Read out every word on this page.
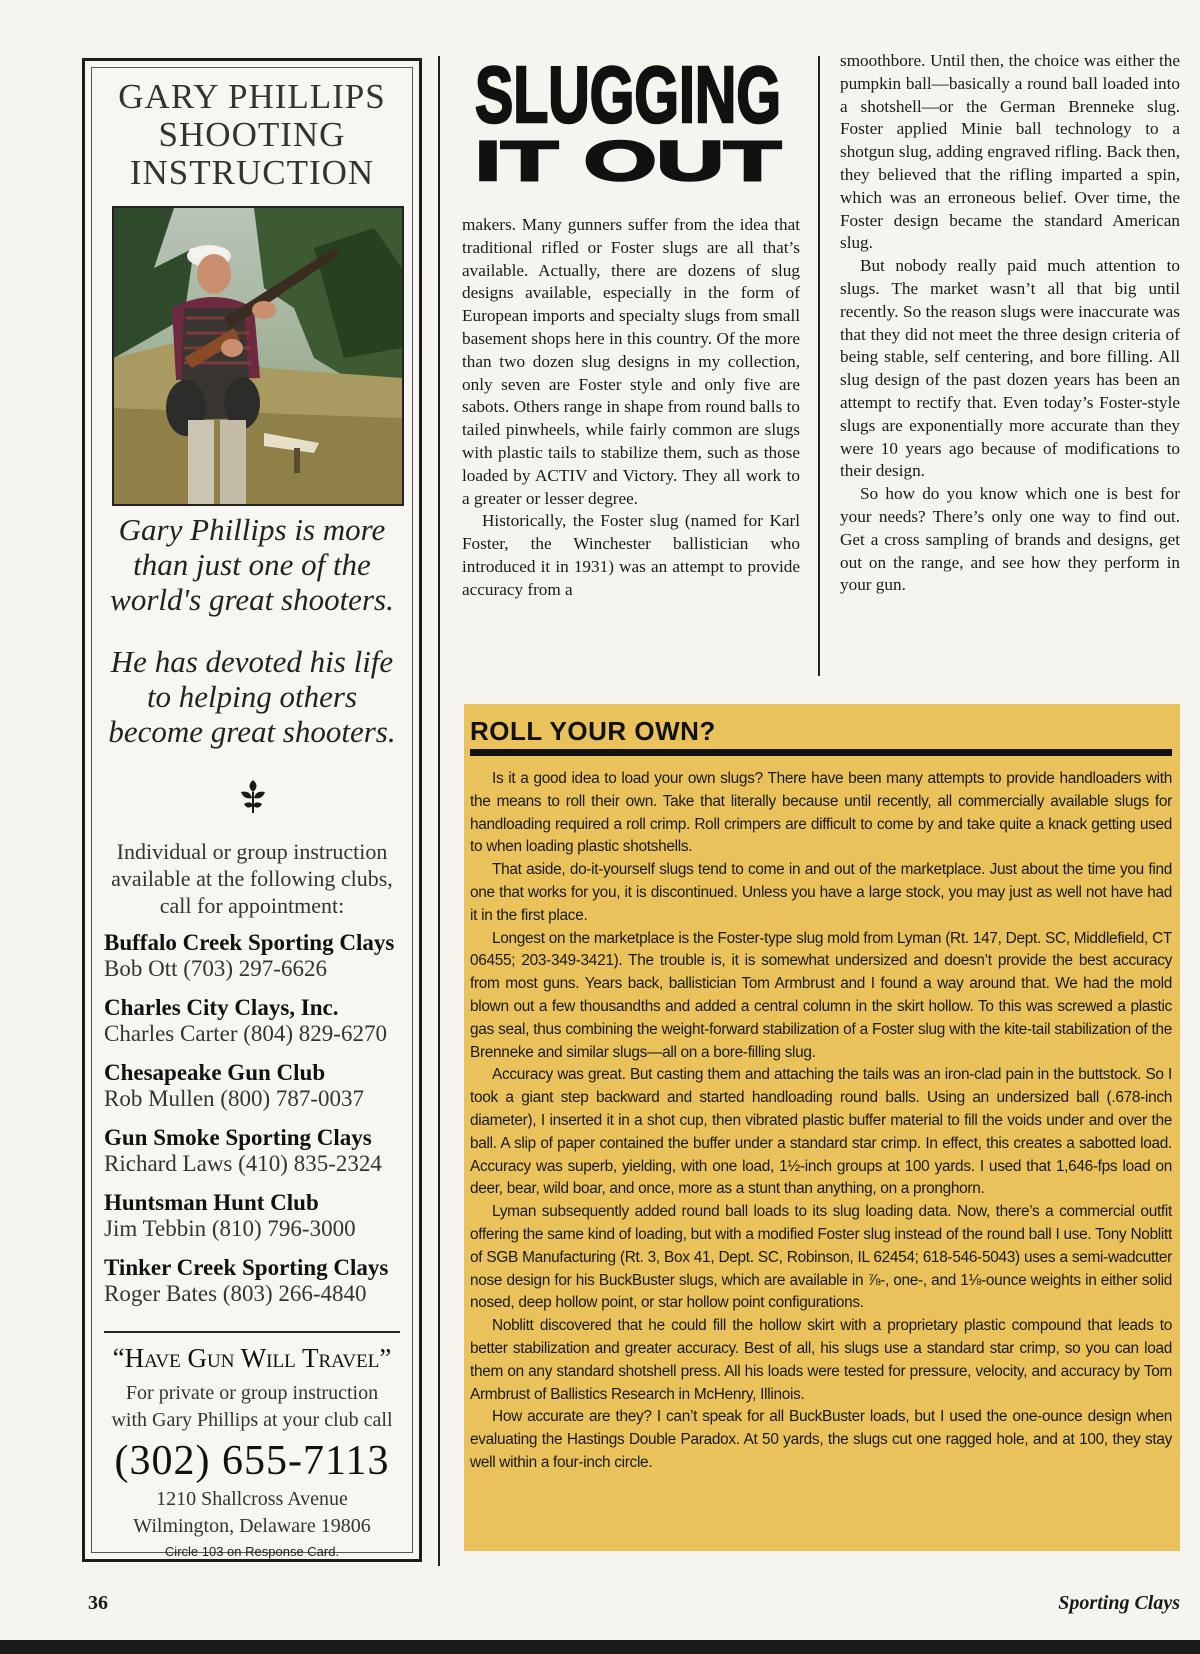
GARY PHILLIPS
SHOOTING
INSTRUCTION
Gary Phillips is more
than just one of the
world's great shooters.
He has devoted his life
to helping others
become great shooters.
Individual or group instruction
available at the following clubs,
call for appointment:
Buffalo Creek Sporting Clays
Bob Ott (703) 297-6626
Charles City Clays, Inc.
Charles Carter (804) 829-6270
Chesapeake Gun Club
Rob Mullen (800) 787-0037
Gun Smoke Sporting Clays
Richard Laws (410) 835-2324
Huntsman Hunt Club
Jim Tebbin (810) 796-3000
Tinker Creek Sporting Clays
Roger Bates (803) 266-4840
“Have Gun Will Travel”
For private or group instruction
with Gary Phillips at your club call
(302) 655-7113
1210 Shallcross Avenue
Wilmington, Delaware 19806
Circle 103 on Response Card.
SLUGGING
IT OUT

makers. Many gunners suffer from the idea that traditional rifled or Foster slugs are all that’s available. Actually, there are dozens of slug designs available, especially in the form of European imports and specialty slugs from small basement shops here in this country. Of the more than two dozen slug designs in my collection, only seven are Foster style and only five are sabots. Others range in shape from round balls to tailed pinwheels, while fairly common are slugs with plastic tails to stabilize them, such as those loaded by ACTIV and Victory. They all work to a greater or lesser degree.

Historically, the Foster slug (named for Karl Foster, the Winchester ballistician who introduced it in 1931) was an attempt to provide accuracy from a

smoothbore. Until then, the choice was either the pumpkin ball—basically a round ball loaded into a shotshell—or the German Brenneke slug. Foster applied Minie ball technology to a shotgun slug, adding engraved rifling. Back then, they believed that the rifling imparted a spin, which was an erroneous belief. Over time, the Foster design became the standard American slug.

But nobody really paid much attention to slugs. The market wasn’t all that big until recently. So the reason slugs were inaccurate was that they did not meet the three design criteria of being stable, self centering, and bore filling. All slug design of the past dozen years has been an attempt to rectify that. Even today’s Foster-style slugs are exponentially more accurate than they were 10 years ago because of modifications to their design.

So how do you know which one is best for your needs? There’s only one way to find out. Get a cross sampling of brands and designs, get out on the range, and see how they perform in your gun.

ROLL YOUR OWN?

Is it a good idea to load your own slugs? There have been many attempts to provide handloaders with the means to roll their own. Take that literally because until recently, all commercially available slugs for handloading required a roll crimp. Roll crimpers are difficult to come by and take quite a knack getting used to when loading plastic shotshells.

That aside, do-it-yourself slugs tend to come in and out of the marketplace. Just about the time you find one that works for you, it is discontinued. Unless you have a large stock, you may just as well not have had it in the first place.

Longest on the marketplace is the Foster-type slug mold from Lyman (Rt. 147, Dept. SC, Middlefield, CT 06455; 203-349-3421). The trouble is, it is somewhat undersized and doesn’t provide the best accuracy from most guns. Years back, ballistician Tom Armbrust and I found a way around that. We had the mold blown out a few thousandths and added a central column in the skirt hollow. To this was screwed a plastic gas seal, thus combining the weight-forward stabilization of a Foster slug with the kite-tail stabilization of the Brenneke and similar slugs—all on a bore-filling slug.

Accuracy was great. But casting them and attaching the tails was an iron-clad pain in the buttstock. So I took a giant step backward and started handloading round balls. Using an undersized ball (.678-inch diameter), I inserted it in a shot cup, then vibrated plastic buffer material to fill the voids under and over the ball. A slip of paper contained the buffer under a standard star crimp. In effect, this creates a sabotted load. Accuracy was superb, yielding, with one load, 1½-inch groups at 100 yards. I used that 1,646-fps load on deer, bear, wild boar, and once, more as a stunt than anything, on a pronghorn.

Lyman subsequently added round ball loads to its slug loading data. Now, there’s a commercial outfit offering the same kind of loading, but with a modified Foster slug instead of the round ball I use. Tony Noblitt of SGB Manufacturing (Rt. 3, Box 41, Dept. SC, Robinson, IL 62454; 618-546-5043) uses a semi-wadcutter nose design for his BuckBuster slugs, which are available in ⅞-, one-, and 1⅛-ounce weights in either solid nosed, deep hollow point, or star hollow point configurations.

Noblitt discovered that he could fill the hollow skirt with a proprietary plastic compound that leads to better stabilization and greater accuracy. Best of all, his slugs use a standard star crimp, so you can load them on any standard shotshell press. All his loads were tested for pressure, velocity, and accuracy by Tom Armbrust of Ballistics Research in McHenry, Illinois.

How accurate are they? I can’t speak for all BuckBuster loads, but I used the one-ounce design when evaluating the Hastings Double Paradox. At 50 yards, the slugs cut one ragged hole, and at 100, they stay well within a four-inch circle.

36	Sporting Clays
